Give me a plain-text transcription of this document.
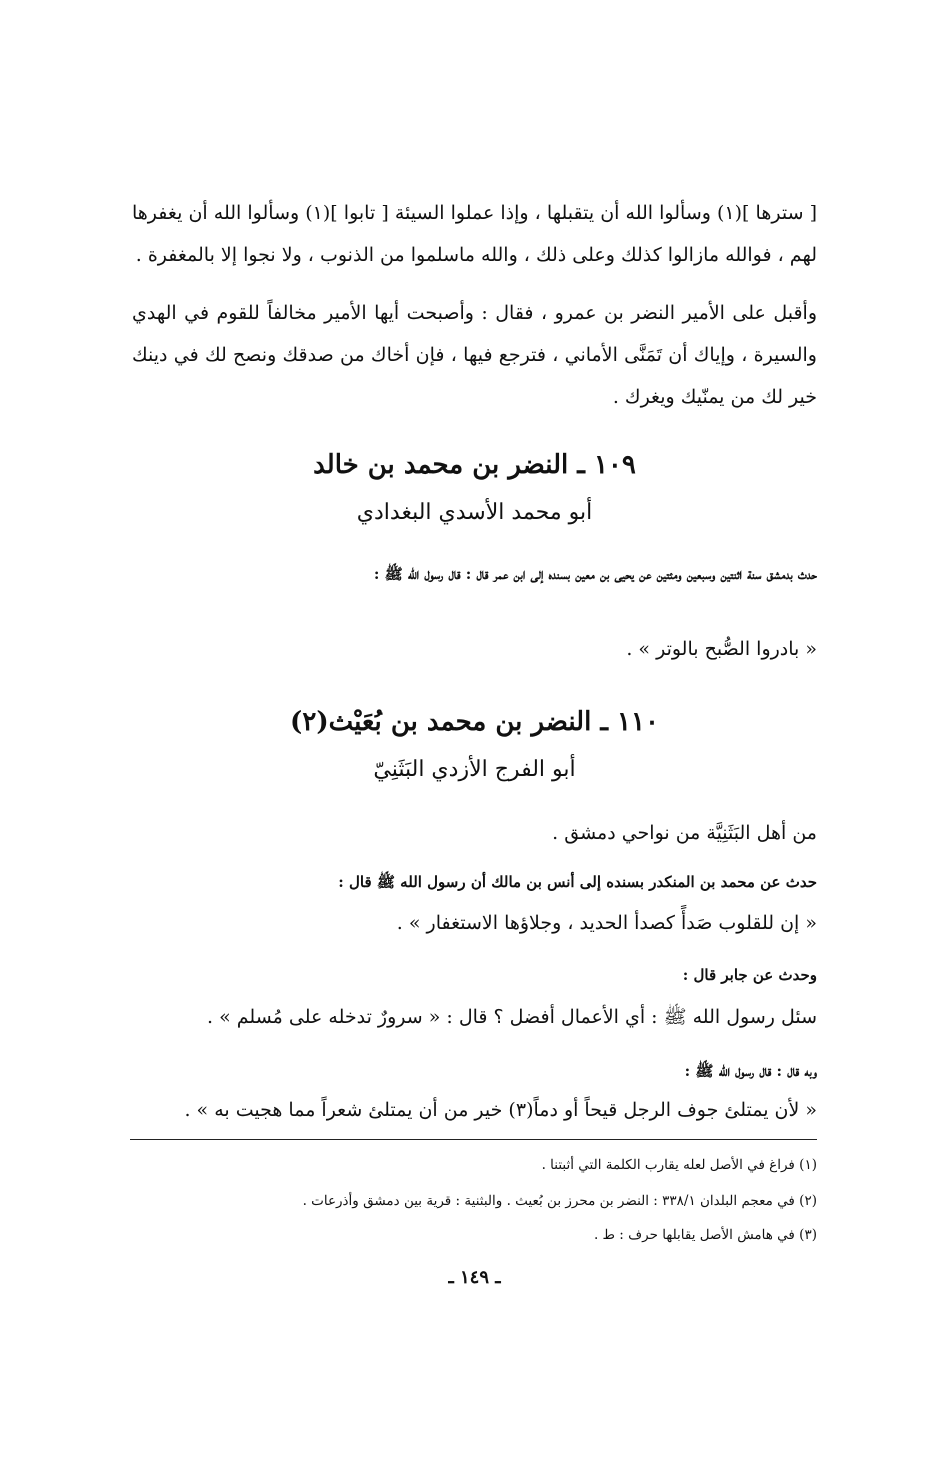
[ سترها ](١) وسألوا الله أن يتقبلها ، وإذا عملوا السيئة [ تابوا ](١) وسألوا الله أن يغفرها لهم ، فوالله مازالوا كذلك وعلى ذلك ، والله ماسلموا من الذنوب ، ولا نجوا إلا بالمغفرة .
وأقبل على الأمير النضر بن عمرو ، فقال : وأصبحت أيها الأمير مخالفاً للقوم في الهدي والسيرة ، وإياك أن تَمَنَّى الأماني ، فترجع فيها ، فإن أخاك من صدقك ونصح لك في دينك خير لك من يمنّيك ويغرك .
١٠٩ ـ النضر بن محمد بن خالد
أبو محمد الأسدي البغدادي
حدث بدمشق سنة اثنتين وسبعين ومئتين عن يحيى بن معين بسنده إلى ابن عمر قال : قال رسول الله ﷺ :
« بادروا الصُّبح بالوتر » .
١١٠ ـ النضر بن محمد بن بُعَيْث(٢)
أبو الفرج الأزدي البَثَنِيّ
من أهل البَثَنِيَّة من نواحي دمشق .
حدث عن محمد بن المنكدر بسنده إلى أنس بن مالك أن رسول الله ﷺ قال :
« إن للقلوب صَدأً كصدأ الحديد ، وجلاؤها الاستغفار » .
وحدث عن جابر قال :
سئل رسول الله ﷺ : أي الأعمال أفضل ؟ قال : « سرورٌ تدخله على مُسلم » .
وبه قال : قال رسول الله ﷺ :
« لأن يمتلئ جوف الرجل قيحاً أو دماً(٣) خير من أن يمتلئ شعراً مما هجيت به » .
(١) فراغ في الأصل لعله يقارب الكلمة التي أثبتنا .
(٢) في معجم البلدان ٣٣٨/١ : النضر بن محرز بن بُعيث . والبثنية : قرية بين دمشق وأذرعات .
(٣) في هامش الأصل يقابلها حرف : ط .
ـ ١٤٩ ـ
